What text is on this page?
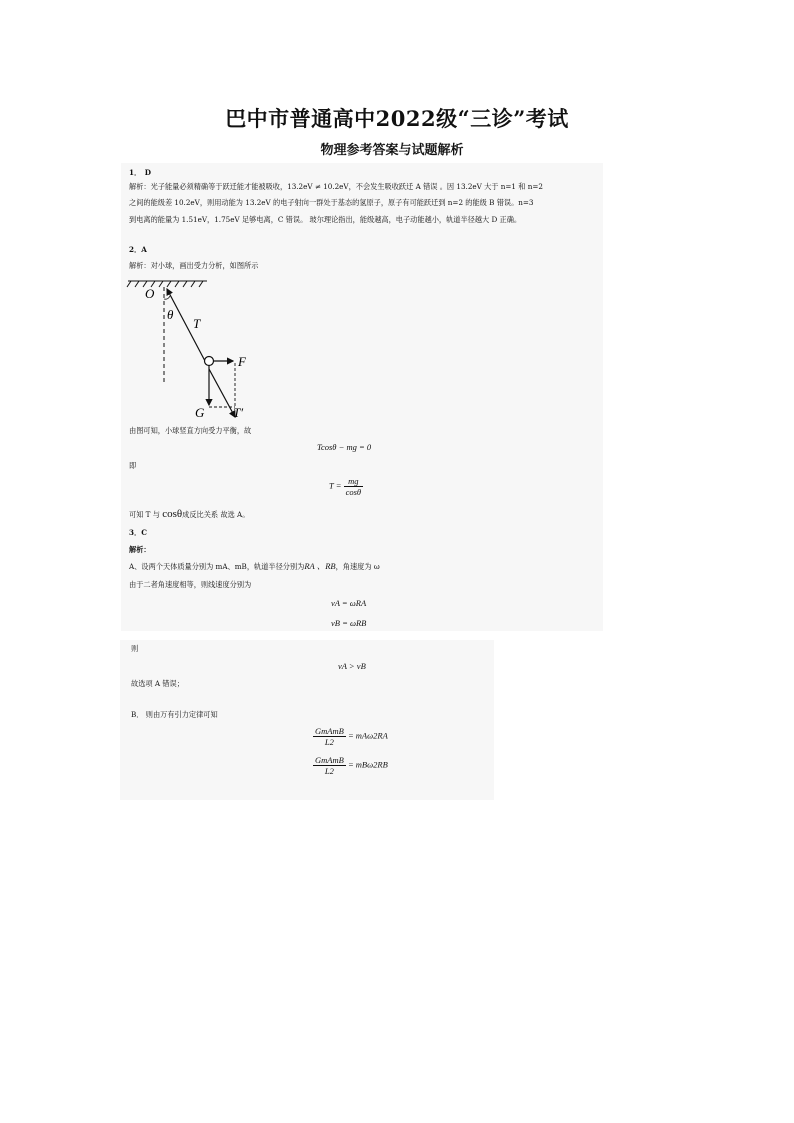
巴中市普通高中2022级“三诊”考试
物理参考答案与试题解析
1．　D
解析：光子能量必须精确等于跃迁能才能被吸收，13.2eV ≠ 10.2eV，不会发生吸收跃迁 A 错误 。因 13.2eV 大于 n=1 和 n=2
之间的能级差 10.2eV，则用动能为 13.2eV 的电子射向一群处于基态的氢原子，原子有可能跃迁到 n=2 的能级 B 错误。n=3
到电离的能量为 1.51eV，1.75eV 足够电离，C 错误。 玻尔理论指出，能级越高，电子动能越小，轨道半径越大 D 正确。
2．A
解析：对小球，画出受力分析，如图所示
O
θ
T
F
G T′
由图可知，小球竖直方向受力平衡，故
Tcosθ − mg = 0
即
$T = \frac{mg}{\cos\theta}$
可知 T 与 cosθ成反比关系 故选 A。
3．C
解析：
A、设两个天体质量分别为 mA、mB，轨道半径分别为RA 、RB，角速度为 ω
由于二者角速度相等，则线速度分别为
vA = ωRA
vB = ωRB
则
vA > vB
故选项 A 错误；
B． 则由万有引力定律可知
$\frac{\text{GmAmB}}{L2} = mA\omega 2RA$
$\frac{\text{GmAmB}}{L2} = mB\omega 2RB$
